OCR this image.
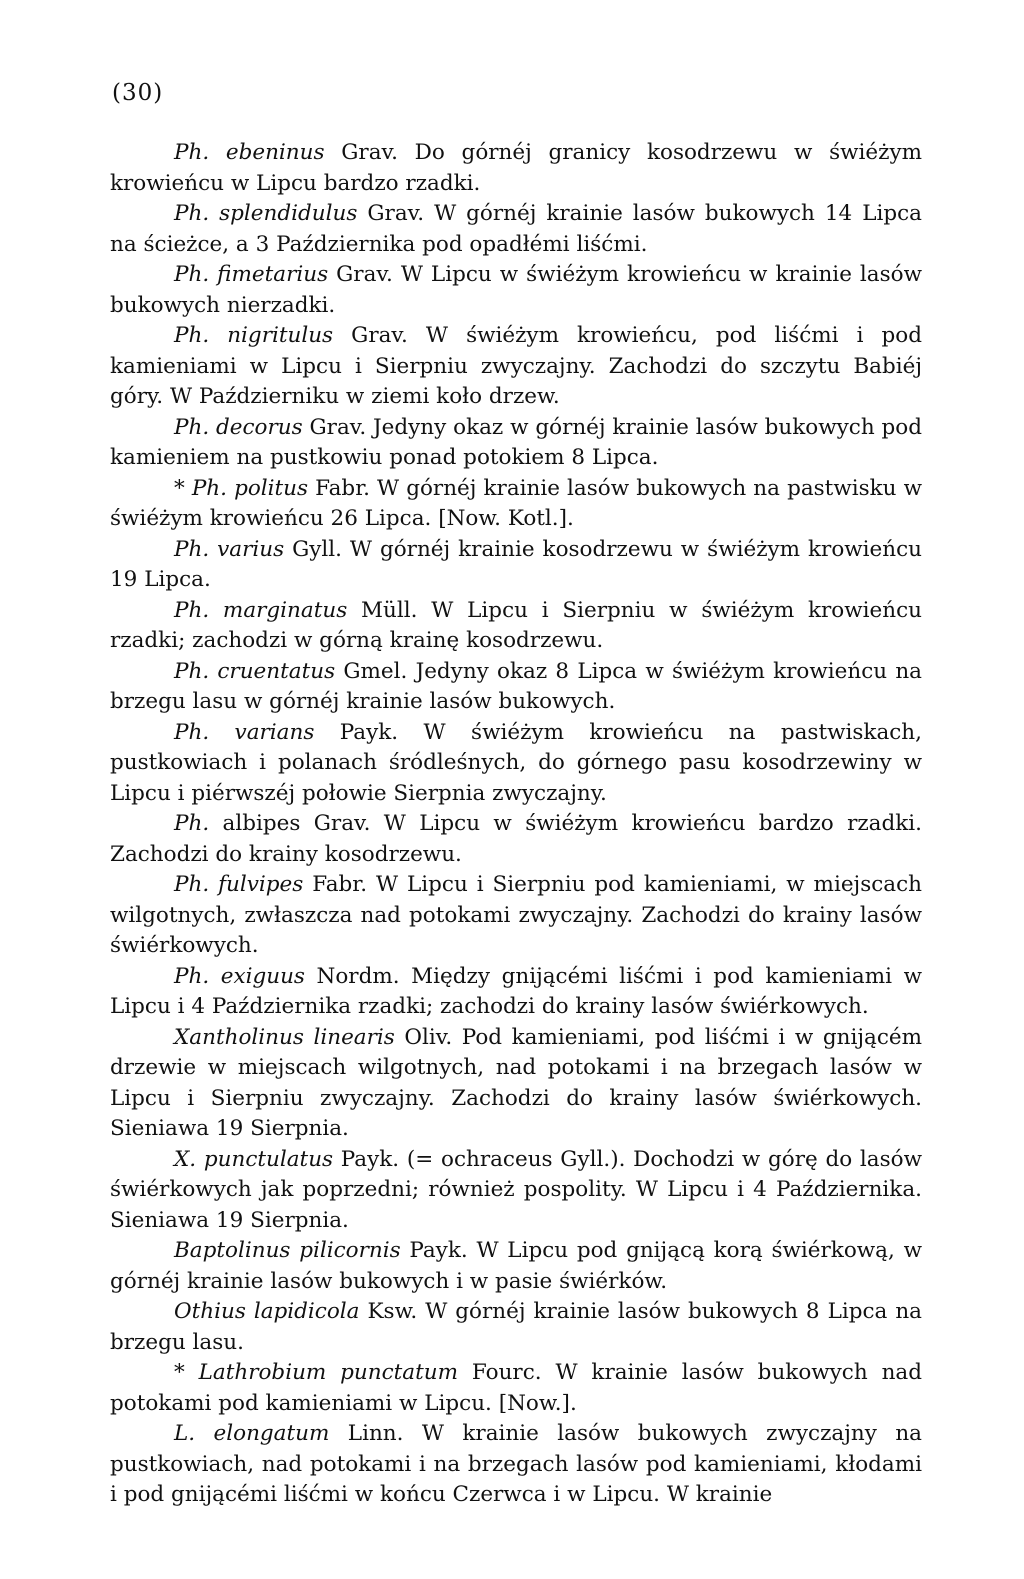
(30)

Ph. ebeninus Grav. Do górnéj granicy kosodrzewu w świéżym krowieńcu w Lipcu bardzo rzadki.

Ph. splendidulus Grav. W górnéj krainie lasów bukowych 14 Lipca na ścieżce, a 3 Października pod opadłémi liśćmi.

Ph. fimetarius Grav. W Lipcu w świéżym krowieńcu w krainie lasów bukowych nierzadki.

Ph. nigritulus Grav. W świéżym krowieńcu, pod liśćmi i pod kamieniami w Lipcu i Sierpniu zwyczajny. Zachodzi do szczytu Babiéj góry. W Październiku w ziemi koło drzew.

Ph. decorus Grav. Jedyny okaz w górnéj krainie lasów bukowych pod kamieniem na pustkowiu ponad potokiem 8 Lipca.

* Ph. politus Fabr. W górnéj krainie lasów bukowych na pastwisku w świéżym krowieńcu 26 Lipca. [Now. Kotl.].

Ph. varius Gyll. W górnéj krainie kosodrzewu w świéżym krowieńcu 19 Lipca.

Ph. marginatus Müll. W Lipcu i Sierpniu w świéżym krowieńcu rzadki; zachodzi w górną krainę kosodrzewu.

Ph. cruentatus Gmel. Jedyny okaz 8 Lipca w świéżym krowieńcu na brzegu lasu w górnéj krainie lasów bukowych.

Ph. varians Payk. W świéżym krowieńcu na pastwiskach, pustkowiach i polanach śródleśnych, do górnego pasu kosodrzewiny w Lipcu i piérwszéj połowie Sierpnia zwyczajny.

Ph. albipes Grav. W Lipcu w świéżym krowieńcu bardzo rzadki. Zachodzi do krainy kosodrzewu.

Ph. fulvipes Fabr. W Lipcu i Sierpniu pod kamieniami, w miejscach wilgotnych, zwłaszcza nad potokami zwyczajny. Zachodzi do krainy lasów świérkowych.

Ph. exiguus Nordm. Między gnijącémi liśćmi i pod kamieniami w Lipcu i 4 Października rzadki; zachodzi do krainy lasów świérkowych.

Xantholinus linearis Oliv. Pod kamieniami, pod liśćmi i w gnijącém drzewie w miejscach wilgotnych, nad potokami i na brzegach lasów w Lipcu i Sierpniu zwyczajny. Zachodzi do krainy lasów świérkowych. Sieniawa 19 Sierpnia.

X. punctulatus Payk. (= ochraceus Gyll.). Dochodzi w górę do lasów świérkowych jak poprzedni; również pospolity. W Lipcu i 4 Października. Sieniawa 19 Sierpnia.

Baptolinus pilicornis Payk. W Lipcu pod gnijącą korą świérkową, w górnéj krainie lasów bukowych i w pasie świérków.

Othius lapidicola Ksw. W górnéj krainie lasów bukowych 8 Lipca na brzegu lasu.

* Lathrobium punctatum Fourc. W krainie lasów bukowych nad potokami pod kamieniami w Lipcu. [Now.].

L. elongatum Linn. W krainie lasów bukowych zwyczajny na pustkowiach, nad potokami i na brzegach lasów pod kamieniami, kłodami i pod gnijącémi liśćmi w końcu Czerwca i w Lipcu. W krainie
